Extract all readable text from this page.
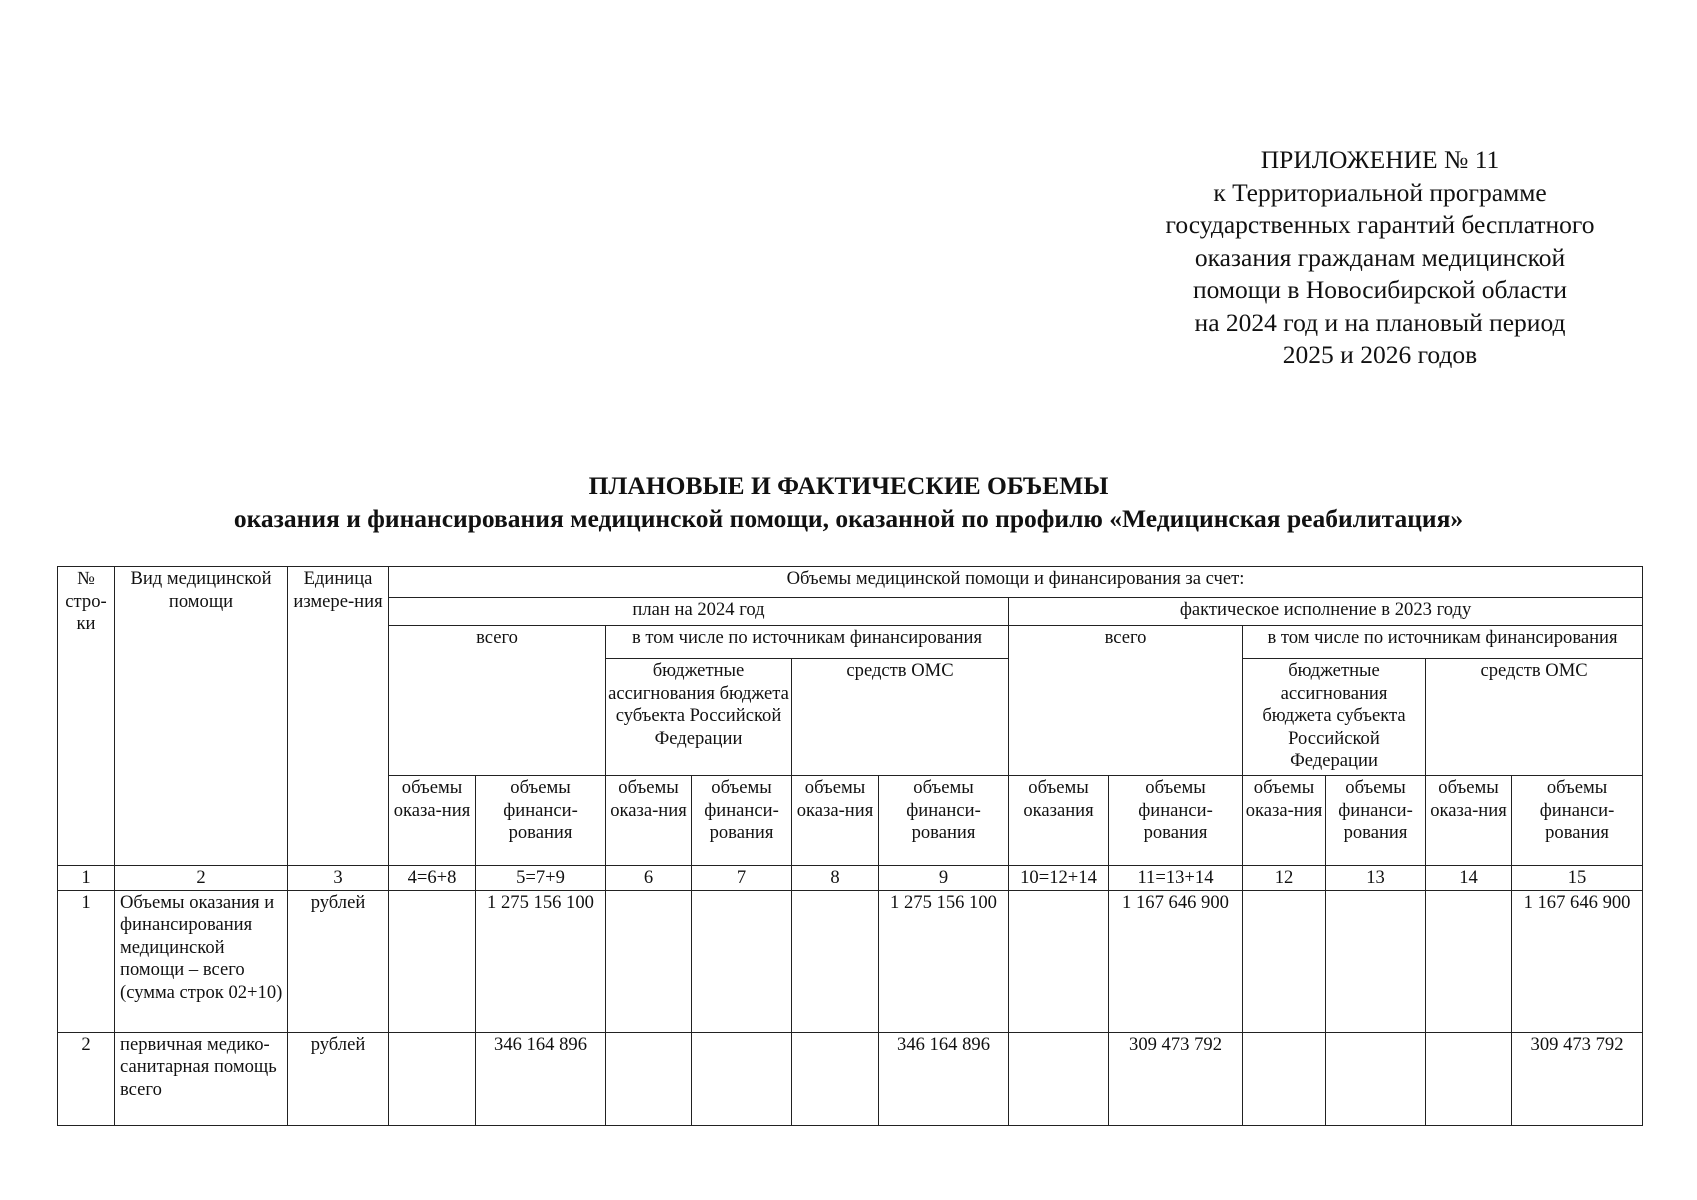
ПРИЛОЖЕНИЕ № 11
к Территориальной программе
государственных гарантий бесплатного
оказания гражданам медицинской
помощи в Новосибирской области
на 2024 год и на плановый период
2025 и 2026 годов
ПЛАНОВЫЕ И ФАКТИЧЕСКИЕ ОБЪЕМЫ
оказания и финансирования медицинской помощи, оказанной по профилю «Медицинская реабилитация»
№ стро-ки	Вид медицинской помощи	Единица измере-ния	Объемы медицинской помощи и финансирования за счет:											
			план на 2024 год						фактическое исполнение в 2023 году					
			всего		в том числе по источникам финансирования				всего		в том числе по источникам финансирования			
					бюджетные ассигнования бюджета субъекта Российской Федерации		средств ОМС				бюджетные ассигнования бюджета субъекта Российской Федерации		средств ОМС	
			объемы оказа-ния	объемы финанси-рования	объемы оказа-ния	объемы финанси-рования	объемы оказа-ния	объемы финанси-рования	объемы оказания	объемы финанси-рования	объемы оказа-ния	объемы финанси-рования	объемы оказа-ния	объемы финанси-рования
1	2	3	4=6+8	5=7+9	6	7	8	9	10=12+14	11=13+14	12	13	14	15
1	Объемы оказания и финансирования медицинской помощи – всего (сумма строк 02+10)	рублей		1 275 156 100				1 275 156 100		1 167 646 900				1 167 646 900
2	первичная медико-санитарная помощь всего	рублей		346 164 896				346 164 896		309 473 792				309 473 792
